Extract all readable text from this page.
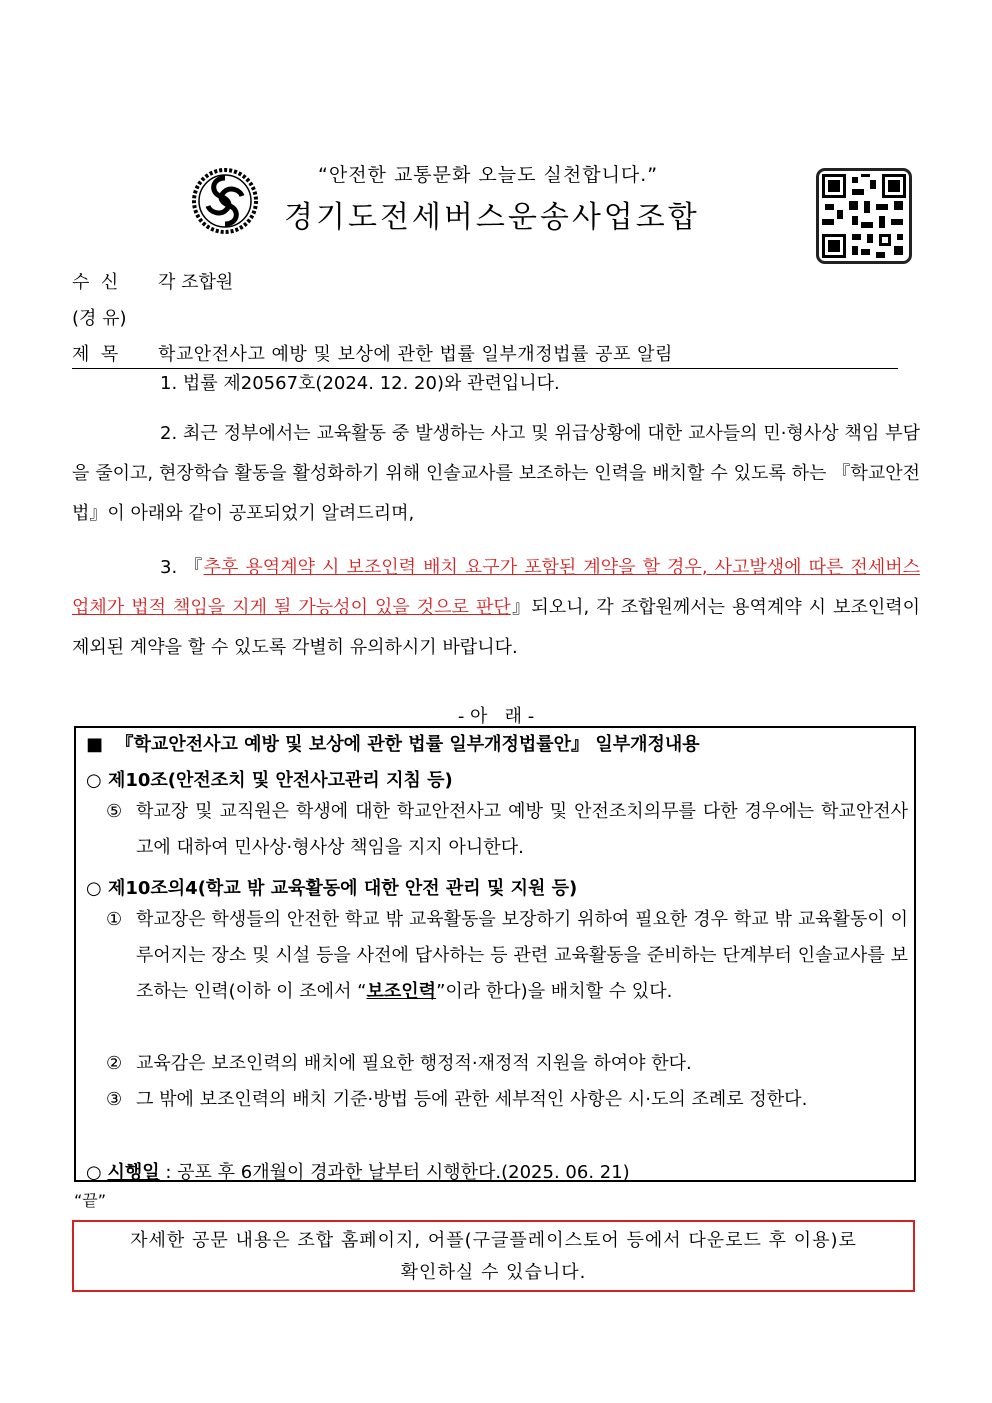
“안전한 교통문화 오늘도 실천합니다.”
경기도전세버스운송사업조합
수  신 각 조합원
(경 유)
제  목 학교안전사고 예방 및 보상에 관한 법률 일부개정법률 공포 알림
1. 법률 제20567호(2024. 12. 20)와 관련입니다.
2. 최근 정부에서는 교육활동 중 발생하는 사고 및 위급상황에 대한 교사들의 민·형사상 책임 부담을 줄이고, 현장학습 활동을 활성화하기 위해 인솔교사를 보조하는 인력을 배치할 수 있도록 하는 『학교안전법』이 아래와 같이 공포되었기 알려드리며,
3. 『추후 용역계약 시 보조인력 배치 요구가 포함된 계약을 할 경우, 사고발생에 따른 전세버스 업체가 법적 책임을 지게 될 가능성이 있을 것으로 판단』되오니, 각 조합원께서는 용역계약 시 보조인력이 제외된 계약을 할 수 있도록 각별히 유의하시기 바랍니다.
- 아   래 -
■  『학교안전사고 예방 및 보상에 관한 법률 일부개정법률안』 일부개정내용
○ 제10조(안전조치 및 안전사고관리 지침 등)
⑤ 학교장 및 교직원은 학생에 대한 학교안전사고 예방 및 안전조치의무를 다한 경우에는 학교안전사고에 대하여 민사상·형사상 책임을 지지 아니한다.
○ 제10조의4(학교 밖 교육활동에 대한 안전 관리 및 지원 등)
① 학교장은 학생들의 안전한 학교 밖 교육활동을 보장하기 위하여 필요한 경우 학교 밖 교육활동이 이루어지는 장소 및 시설 등을 사전에 답사하는 등 관련 교육활동을 준비하는 단계부터 인솔교사를 보조하는 인력(이하 이 조에서 “보조인력”이라 한다)을 배치할 수 있다.
② 교육감은 보조인력의 배치에 필요한 행정적·재정적 지원을 하여야 한다.
③ 그 밖에 보조인력의 배치 기준·방법 등에 관한 세부적인 사항은 시·도의 조례로 정한다.
○ 시행일 : 공포 후 6개월이 경과한 날부터 시행한다.(2025. 06. 21)
“끝”
자세한 공문 내용은 조합 홈페이지, 어플(구글플레이스토어 등에서 다운로드 후 이용)로
확인하실 수 있습니다.
